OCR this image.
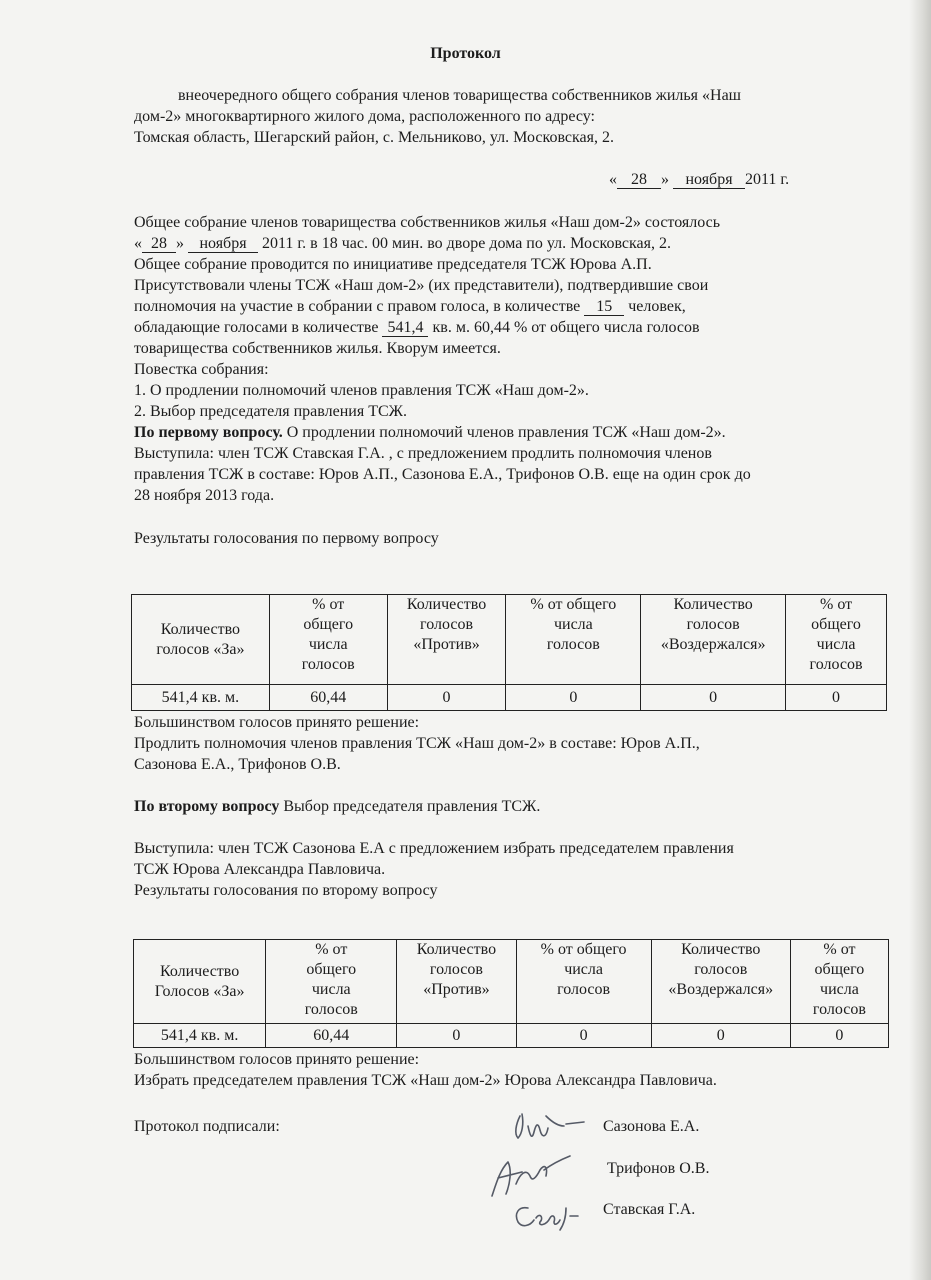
Протокол
внеочередного общего собрания членов товарищества собственников жилья «Наш
дом-2» многоквартирного жилого дома, расположенного по адресу:
Томская область, Шегарский район, с. Мельниково, ул. Московская, 2.
« 28 » ноября 2011 г.
Общее собрание членов товарищества собственников жилья «Наш дом-2» состоялось
« 28 » ноября 2011 г. в 18 час. 00 мин. во дворе дома по ул. Московская, 2.
Общее собрание проводится по инициативе председателя ТСЖ Юрова А.П.
Присутствовали члены ТСЖ «Наш дом-2» (их представители), подтвердившие свои
полномочия на участие в собрании с правом голоса, в количестве 15 человек,
обладающие голосами в количестве 541,4 кв. м. 60,44 % от общего числа голосов
товарищества собственников жилья. Кворум имеется.
Повестка собрания:
1. О продлении полномочий членов правления ТСЖ «Наш дом-2».
2. Выбор председателя правления ТСЖ.
По первому вопросу. О продлении полномочий членов правления ТСЖ «Наш дом-2».
Выступила: член ТСЖ Ставская Г.А. , с предложением продлить полномочия членов
правления ТСЖ в составе: Юров А.П., Сазонова Е.А., Трифонов О.В. еще на один срок до
28 ноября 2013 года.
Результаты голосования по первому вопросу
Количество
голосов «За»	% от
общего
числа
голосов	Количество
голосов
«Против»	% от общего
числа
голосов	Количество
голосов
«Воздержался»	% от
общего
числа
голосов
541,4 кв. м.	60,44	0	0	0	0
Большинством голосов принято решение:
Продлить полномочия членов правления ТСЖ «Наш дом-2» в составе: Юров А.П.,
Сазонова Е.А., Трифонов О.В.
По второму вопросу Выбор председателя правления ТСЖ.
Выступила: член ТСЖ Сазонова Е.А с предложением избрать председателем правления
ТСЖ Юрова Александра Павловича.
Результаты голосования по второму вопросу
Количество
Голосов «За»	% от
общего
числа
голосов	Количество
голосов
«Против»	% от общего
числа
голосов	Количество
голосов
«Воздержался»	% от
общего
числа
голосов
541,4 кв. м.	60,44	0	0	0	0
Большинством голосов принято решение:
Избрать председателем правления ТСЖ «Наш дом-2» Юрова Александра Павловича.
Протокол подписали:	Сазонова Е.А.
Трифонов О.В.
Ставская Г.А.
